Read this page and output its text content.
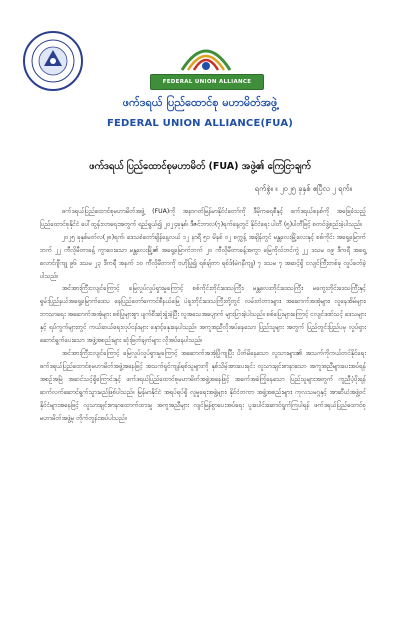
FEDERAL UNION ALLIANCE
ဖက်ဒရယ် ပြည်ထောင်စု မဟာမိတ်အဖွဲ့
FEDERAL UNION ALLIANCE(FUA)
ဖက်ဒရယ် ပြည်ထောင်စုမဟာမိတ် (FUA) အဖွဲ့၏ ကြေငြာချက်
ရက်စွဲ။ ။ ၂၀၂၅ ခုနှစ် ဧပြီလ ၂ ရက်။

ဖက်ဒရယ်ပြည်ထောင်စုမဟာမိတ်အဖွဲ့ (FUA)ကို အနာဂတ်မြန်မာနိုင်ငံတော်ကို ဒီမိုကရေစီနှင့် ဖက်ဒရယ်စနစ်ကို အခြေခံသည့် ပြည်ထောင်စုနိုင်ငံ ပေါ်ထွန်းလာရေးအတွက် ရည်ရွယ်၍ ၂၀၂၄ခုနှစ်၊ ဒီဇင်ဘာလ(၇)ရက်နေ့တွင် နိုင်ငံရေး ပါတီ (၅)ပါတီဖြင့် စတင်ဖွဲ့စည်းခဲ့ပါသည်။

၂၀၂၅ ခုနှစ်မတ်လ(၂၈)ရက်၊ ဒေသစံတော်ချိန်နေ့လယ် ၁၂ နာရီ ၅၁ မိနစ် ၀၂ စက္ကန့် အချိန်တွင် မန္တလေးမြို့လေးနှင့် စစ်ကိုင်း အရှေ့မြောက်ဘက် ၂၂ ကီလိုမီတာခန့် ကွာဝေးသော မန္တလေးမြို့၏ အရှေ့မြောက်ဘက် ၂၀ ကီလိုမီတာခန့်အကွာ မြေကိုလ်ဘင်ကွဲ ၂၂ ဒသမ ၀၉ ဒီကရီ အရှေ့လောင်ဂျီကျု ၉၆ ဒသမ ၂၃ ဒီကရီ အနက် ၁၀ ကီလိုမီတာကို ဗဟိုပြု၍ ရစ်ချ်တာ ရစ်ဒ်(မဲဂနီကျု) ၇ ဒသမ ၇ အဆင့်ရှိ ငလျင်ကြီးတစ်ခု လှုပ်ခတ်ခဲ့ပါသည်။

အင်အားကြီးငလျင်ကြောင့် မြေလှုပ်လှုပ်ရှားမှုကြောင့် စစ်ကိုင်းတိုင်းဒေသကြီး၊ မန္တလေးတိုင်းဒေသကြီး၊ မကွေးတိုင်းဒေသကြီးနှင့် ရှမ်းပြည်နယ်အရှေ့မြောက်ဒေသ နေပြည်တော်ကောင်စီနယ်မြေ ပဲခူးတိုင်းဒေသကြီးတို့တွင် လမ်းတံတားများ၊ အဆောက်အအုံများ၊ လူနေအိမ်များ၊ ဘာသာရေး အဆောက်အအုံများ စစ်ပြုများစွာ ပျက်စီးဆုံးရှုံးခဲ့ပြီး လူအသေအပျောက် များပြားခဲ့ပါသည်။ စစ်ပြေးများကြောင့် ငလျင်ဒဏ်သင့် ဒေသများနှင့် ရပ်ကွက်များတွင် ကယ်ဆယ်ရေးလုပ်ငန်းများ နှောင့်နှေးနေပါသည်။ အကူအညီလိုအပ်နေသော ပြည်သူများ အတွက် ပြည်တွင်းပြည်ပမှ လှုပ်ရှားဆောင်ရွက်ပေးသော အဖွဲ့အစည်းများ ဆုံးဖြတ်ချက်များ လိုအပ်နေပါသည်။

အင်အားကြီးငလျင်ကြောင့် မြေလှုပ်လှုပ်ရှားမှုကြောင့် အဆောက်အအုံပြိုကျပြီး ပိတ်မိနေသော လူသားများ၏ အသက်ကိုကယ်တင်နိုင်ရေး ဖက်ဒရယ်ပြည်ထောင်စုမဟာမိတ်အဖွဲ့အနေဖြင့် အသက်ရှင်ကျန်ရစ်သူများကို နှစ်သိမ့်အားပေးရင်း လူသားချင်းစာနာသော အကူအညီများပေးအပ်ရန် အစဉ်အမြဲ အဆင်သင့်ရှိကြောင်းနှင့် ဖက်ဒရယ်ပြည်ထောင်စုမဟာမိတ်အဖွဲ့အနေဖြင့် အခက်အခဲကြုံနေသော ပြည်သူများအတွက် ကူညီပံ့ပိုးရန် ဆက်လက်ဆောင်ရွက်သွားမည်ဖြစ်ပါသည်။ မြန်မာနိုင်ငံ အရပ်ရပ်ရှိ လူမှုရေးအဖွဲ့များ၊ နိုင်ငံတကာ အဖွဲ့အစည်းများ၊ ကုလသမဂ္ဂနှင့် အာဆီယံအဖွဲ့ဝင်နိုင်ငံများအနေဖြင့် လူသားချင်းစာနာထောက်ထားမှု အကူအညီများ လျင်မြန်စွာပေးအပ်ရေး ပူးပေါင်းဆောင်ရွက်ကြပါရန် ဖက်ဒရယ်ပြည်ထောင်စုမဟာမိတ်အဖွဲ့မှ တိုက်တွန်းအပ်ပါသည်။
